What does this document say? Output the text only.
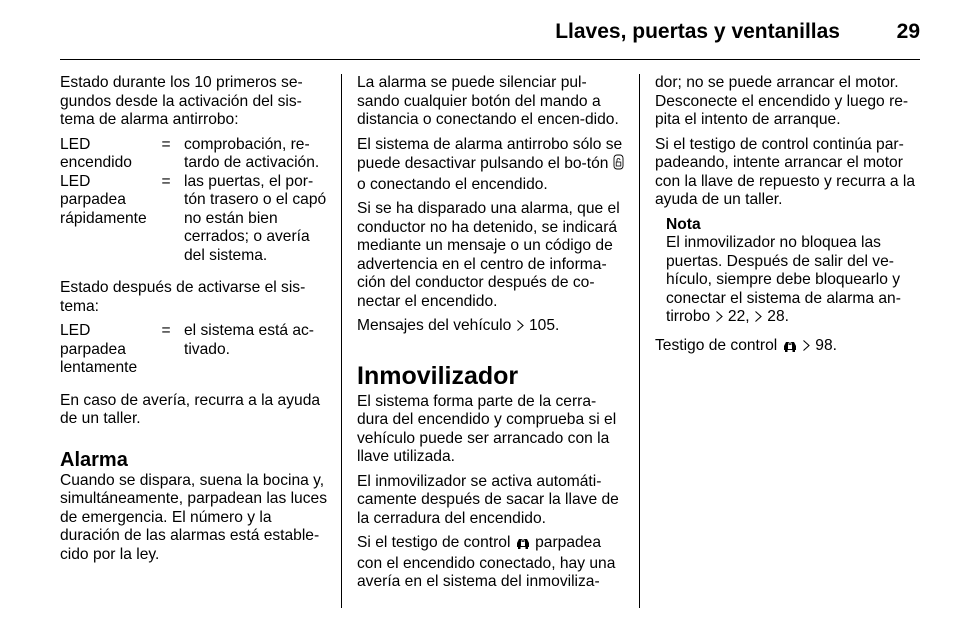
Llaves, puertas y ventanillas	29

Estado durante los 10 primeros se-gundos desde la activación del sis-tema de alarma antirrobo:

LED encendido	=	comprobación, re-tardo de activación.
LED parpadea rápidamente	=	las puertas, el por-tón trasero o el capó no están bien cerrados; o avería del sistema.

Estado después de activarse el sis-tema:

LED parpadea lentamente	=	el sistema está ac-tivado.

En caso de avería, recurra a la ayuda de un taller.

Alarma

Cuando se dispara, suena la bocina y, simultáneamente, parpadean las luces de emergencia. El número y la duración de las alarmas está estable-cido por la ley.

La alarma se puede silenciar pul-sando cualquier botón del mando a distancia o conectando el encen-dido.

El sistema de alarma antirrobo sólo se puede desactivar pulsando el bo-tón  o conectando el encendido.

Si se ha disparado una alarma, que el conductor no ha detenido, se indicará mediante un mensaje o un código de advertencia en el centro de informa-ción del conductor después de co-nectar el encendido.

Mensajes del vehículo 105.

Inmovilizador

El sistema forma parte de la cerra-dura del encendido y comprueba si el vehículo puede ser arrancado con la llave utilizada.

El inmovilizador se activa automáti-camente después de sacar la llave de la cerradura del encendido.

Si el testigo de control parpadea con el encendido conectado, hay una avería en el sistema del inmoviliza-

dor; no se puede arrancar el motor. Desconecte el encendido y luego re-pita el intento de arranque.

Si el testigo de control continúa par-padeando, intente arrancar el motor con la llave de repuesto y recurra a la ayuda de un taller.

Nota
El inmovilizador no bloquea las puertas. Después de salir del ve-hículo, siempre debe bloquearlo y conectar el sistema de alarma an-tirrobo 22, 28.

Testigo de control 98.
